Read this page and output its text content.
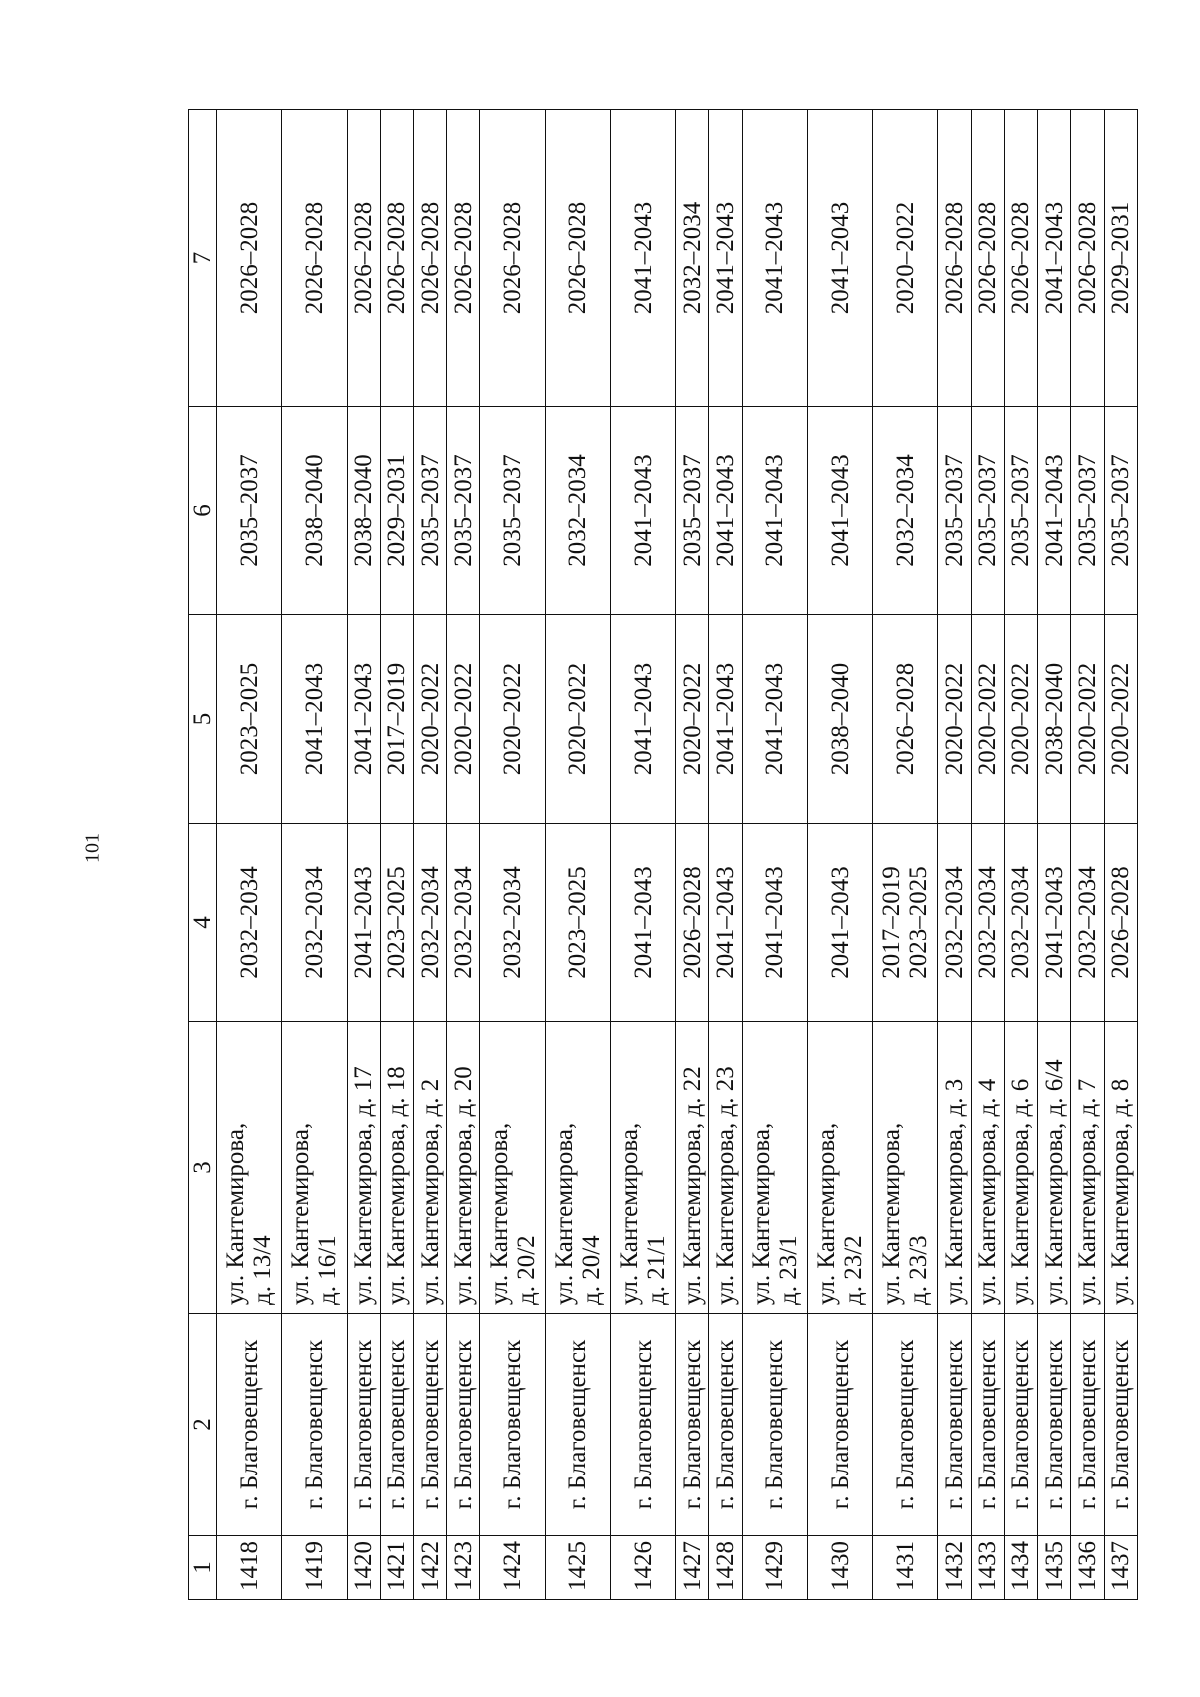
101
1	2	3	4	5	6	7

1418	г. Благовещенск	ул. Кантемирова, д. 13/4	2032–2034	2023–2025	2035–2037	2026–2028

1419	г. Благовещенск	ул. Кантемирова, д. 16/1	2032–2034	2041–2043	2038–2040	2026–2028

1420	г. Благовещенск	ул. Кантемирова, д. 17	2041–2043	2041–2043	2038–2040	2026–2028

1421	г. Благовещенск	ул. Кантемирова, д. 18	2023–2025	2017–2019	2029–2031	2026–2028

1422	г. Благовещенск	ул. Кантемирова, д. 2	2032–2034	2020–2022	2035–2037	2026–2028

1423	г. Благовещенск	ул. Кантемирова, д. 20	2032–2034	2020–2022	2035–2037	2026–2028

1424	г. Благовещенск	ул. Кантемирова, д. 20/2	2032–2034	2020–2022	2035–2037	2026–2028

1425	г. Благовещенск	ул. Кантемирова, д. 20/4	2023–2025	2020–2022	2032–2034	2026–2028

1426	г. Благовещенск	ул. Кантемирова, д. 21/1	2041–2043	2041–2043	2041–2043	2041–2043

1427	г. Благовещенск	ул. Кантемирова, д. 22	2026–2028	2020–2022	2035–2037	2032–2034

1428	г. Благовещенск	ул. Кантемирова, д. 23	2041–2043	2041–2043	2041–2043	2041–2043

1429	г. Благовещенск	ул. Кантемирова, д. 23/1	2041–2043	2041–2043	2041–2043	2041–2043

1430	г. Благовещенск	ул. Кантемирова, д. 23/2	2041–2043	2038–2040	2041–2043	2041–2043

1431	г. Благовещенск	ул. Кантемирова, д. 23/3	2017–2019 2023–2025	2026–2028	2032–2034	2020–2022

1432	г. Благовещенск	ул. Кантемирова, д. 3	2032–2034	2020–2022	2035–2037	2026–2028

1433	г. Благовещенск	ул. Кантемирова, д. 4	2032–2034	2020–2022	2035–2037	2026–2028

1434	г. Благовещенск	ул. Кантемирова, д. 6	2032–2034	2020–2022	2035–2037	2026–2028

1435	г. Благовещенск	ул. Кантемирова, д. 6/4	2041–2043	2038–2040	2041–2043	2041–2043

1436	г. Благовещенск	ул. Кантемирова, д. 7	2032–2034	2020–2022	2035–2037	2026–2028

1437	г. Благовещенск	ул. Кантемирова, д. 8	2026–2028	2020–2022	2035–2037	2029–2031
